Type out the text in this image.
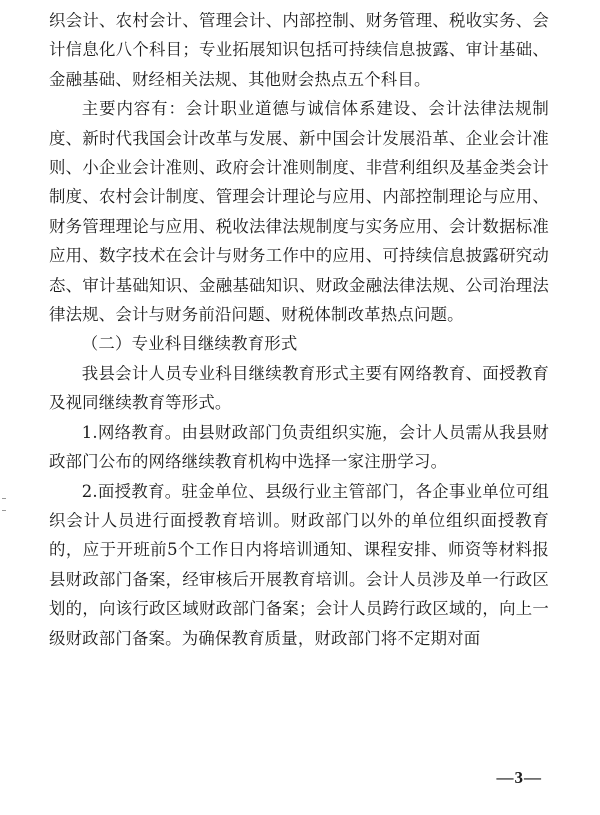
织会计、农村会计、管理会计、内部控制、财务管理、税收实务、会计信息化八个科目；专业拓展知识包括可持续信息披露、审计基础、金融基础、财经相关法规、其他财会热点五个科目。

主要内容有：会计职业道德与诚信体系建设、会计法律法规制度、新时代我国会计改革与发展、新中国会计发展沿革、企业会计准则、小企业会计准则、政府会计准则制度、非营利组织及基金类会计制度、农村会计制度、管理会计理论与应用、内部控制理论与应用、财务管理理论与应用、税收法律法规制度与实务应用、会计数据标准应用、数字技术在会计与财务工作中的应用、可持续信息披露研究动态、审计基础知识、金融基础知识、财政金融法律法规、公司治理法律法规、会计与财务前沿问题、财税体制改革热点问题。

（二）专业科目继续教育形式

我县会计人员专业科目继续教育形式主要有网络教育、面授教育及视同继续教育等形式。

1.网络教育。由县财政部门负责组织实施，会计人员需从我县财政部门公布的网络继续教育机构中选择一家注册学习。

2.面授教育。驻金单位、县级行业主管部门，各企事业单位可组织会计人员进行面授教育培训。财政部门以外的单位组织面授教育的，应于开班前5个工作日内将培训通知、课程安排、师资等材料报县财政部门备案，经审核后开展教育培训。会计人员涉及单一行政区划的，向该行政区域财政部门备案；会计人员跨行政区域的，向上一级财政部门备案。为确保教育质量，财政部门将不定期对面

—3—
